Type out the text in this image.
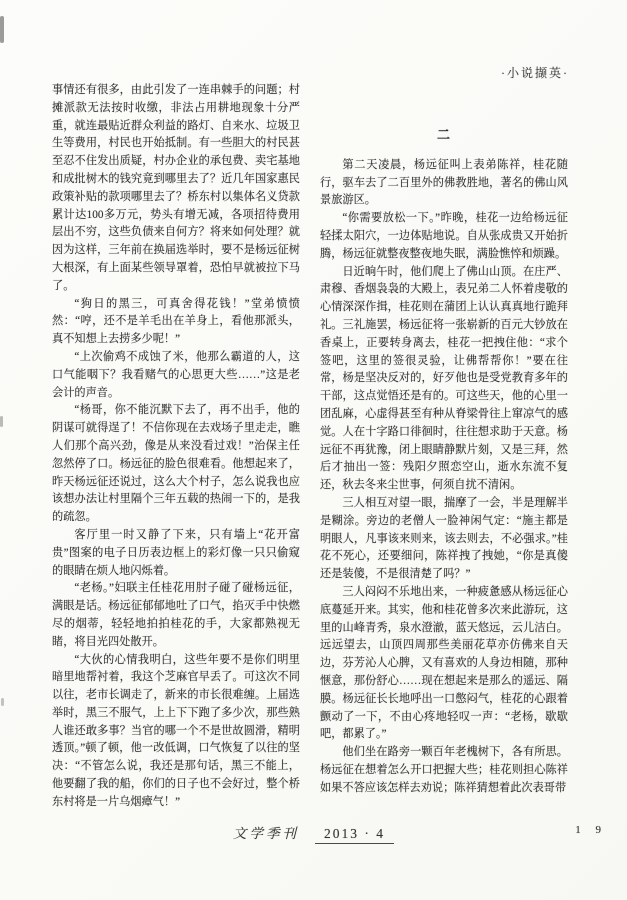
·小说撷英·

事情还有很多，由此引发了一连串棘手的问题；村摊派款无法按时收缴，非法占用耕地现象十分严重，就连最贴近群众利益的路灯、自来水、垃圾卫生等费用，村民也开始抵制。有一些胆大的村民甚至忍不住发出质疑，村办企业的承包费、卖宅基地和成批树木的钱究竟到哪里去了？近几年国家惠民政策补贴的款项哪里去了？桥东村以集体名义贷款累计达100多万元，势头有增无减，各项招待费用层出不穷，这些负债来自何方？将来如何处理？就因为这样，三年前在换届选举时，要不是杨远征树大根深，有上面某些领导罩着，恐怕早就被拉下马了。

“狗日的黑三，可真舍得花钱！”堂弟愤愤然：“哼，还不是羊毛出在羊身上，看他那派头，真不知想上去捞多少呢！”

“上次偷鸡不成蚀了米，他那么霸道的人，这口气能咽下？我看赌气的心思更大些……”这是老会计的声音。

“杨哥，你不能沉默下去了，再不出手，他的阴谋可就得逞了！不信你现在去戏场子里走走，瞧人们那个高兴劲，像是从来没看过戏！”治保主任忽然停了口。杨远征的脸色很难看。他想起来了，昨天杨远征还说过，这么大个村子，怎么说我也应该想办法让村里隔个三年五载的热闹一下的，是我的疏忽。

客厅里一时又静了下来，只有墙上“花开富贵”图案的电子日历表边框上的彩灯像一只只偷窥的眼睛在烦人地闪烁着。

“老杨。”妇联主任桂花用肘子碰了碰杨远征，满眼是话。杨远征郁郁地吐了口气，掐灭手中快燃尽的烟蒂，轻轻地拍拍桂花的手，大家都熟视无睹，将目光四处散开。

“大伙的心情我明白，这些年要不是你们明里暗里地帮衬着，我这个芝麻官早丢了。可这次不同以往，老市长调走了，新来的市长很难缠。上届选举时，黑三不服气，上上下下跑了多少次，那些熟人谁还敢多事？当官的哪一个不是世故圆滑，精明透顶。”顿了顿，他一改低调，口气恢复了以往的坚决：“不管怎么说，我还是那句话，黑三不能上，他要翻了我的船，你们的日子也不会好过，整个桥东村将是一片乌烟瘴气！”

二

第二天凌晨，杨远征叫上表弟陈祥，桂花随行，驱车去了二百里外的佛教胜地，著名的佛山风景旅游区。

“你需要放松一下。”昨晚，桂花一边给杨远征轻揉太阳穴，一边体贴地说。自从张成贵又开始折腾，杨远征就整夜整夜地失眠，满脸憔悴和烦躁。

日近晌午时，他们爬上了佛山山顶。在庄严、肃穆、香烟袅袅的大殿上，表兄弟二人怀着虔敬的心情深深作揖，桂花则在蒲团上认认真真地行跪拜礼。三礼施罢，杨远征将一张崭新的百元大钞放在香桌上，正要转身离去，桂花一把拽住他：“求个签吧，这里的签很灵验，让佛帮帮你！”要在往常，杨是坚决反对的，好歹他也是受党教育多年的干部，这点觉悟还是有的。可这些天，他的心里一团乱麻，心虚得甚至有种从脊梁骨往上窜凉气的感觉。人在十字路口徘徊时，往往想求助于天意。杨远征不再犹豫，闭上眼睛静默片刻，又是三拜，然后才抽出一签：残阳夕照恋空山，逝水东流不复还，秋去冬来尘世事，何须自扰不清闲。

三人相互对望一眼，揣摩了一会，半是理解半是糊涂。旁边的老僧人一脸神闲气定：“施主都是明眼人，凡事该来则来，该去则去，不必强求。”桂花不死心，还要细问，陈祥拽了拽她，“你是真傻还是装傻，不是很清楚了吗？”

三人闷闷不乐地出来，一种疲惫感从杨远征心底蔓延开来。其实，他和桂花曾多次来此游玩，这里的山峰青秀，泉水澄澈，蓝天悠远，云儿洁白。远远望去，山顶四周那些美丽花草亦仿佛来自天边，芬芳沁人心脾，又有喜欢的人身边相随，那种惬意，那份舒心……现在想起来是那么的遥远、隔膜。杨远征长长地呼出一口憋闷气，桂花的心跟着颤动了一下，不由心疼地轻叹一声：“老杨，歇歇吧，都累了。”

他们坐在路旁一颗百年老槐树下，各有所思。杨远征在想着怎么开口把握大些；桂花则担心陈祥如果不答应该怎样去劝说；陈祥猜想着此次表哥带

文学季刊	2013 · 4	1 9
